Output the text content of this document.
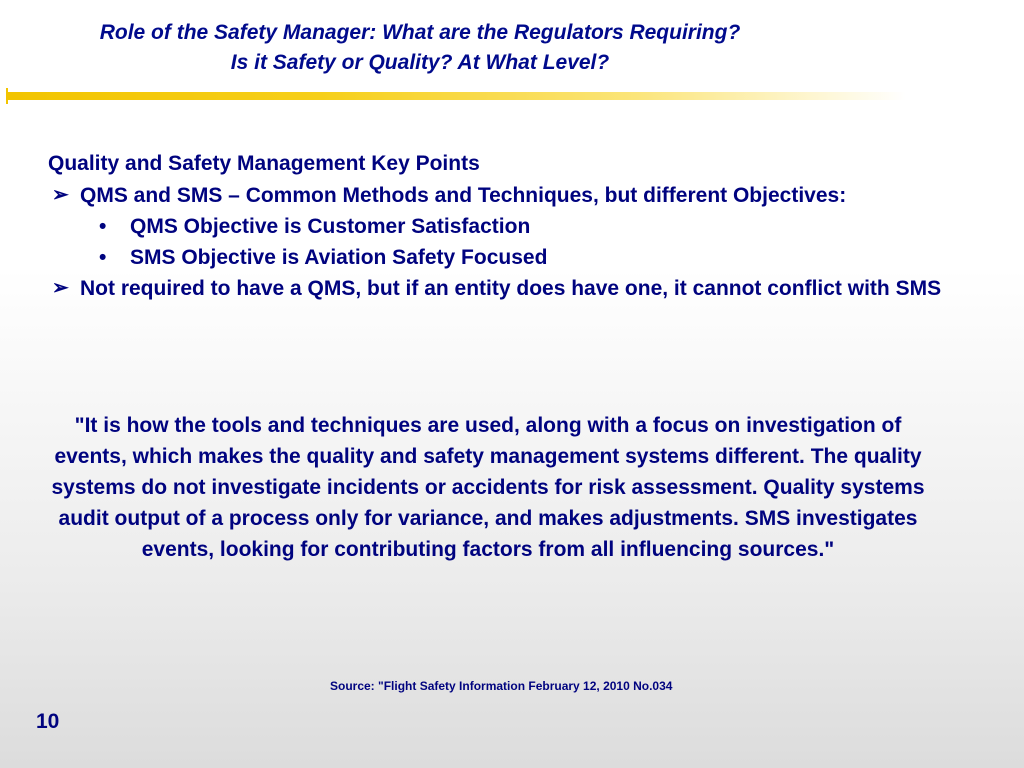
Role of the Safety Manager: What are the Regulators Requiring?
Is it Safety or Quality? At What Level?
Quality and Safety Management Key Points
➢ QMS and SMS – Common Methods and Techniques, but different Objectives:
• QMS Objective is Customer Satisfaction
• SMS Objective is Aviation Safety Focused
➢ Not required to have a QMS, but if an entity does have one, it cannot conflict with SMS
"It is how the tools and techniques are used, along with a focus on investigation of events, which makes the quality and safety management systems different. The quality systems do not investigate incidents or accidents for risk assessment. Quality systems audit output of a process only for variance, and makes adjustments. SMS investigates events, looking for contributing factors from all influencing sources."
Source: "Flight Safety Information February 12, 2010 No.034
10
